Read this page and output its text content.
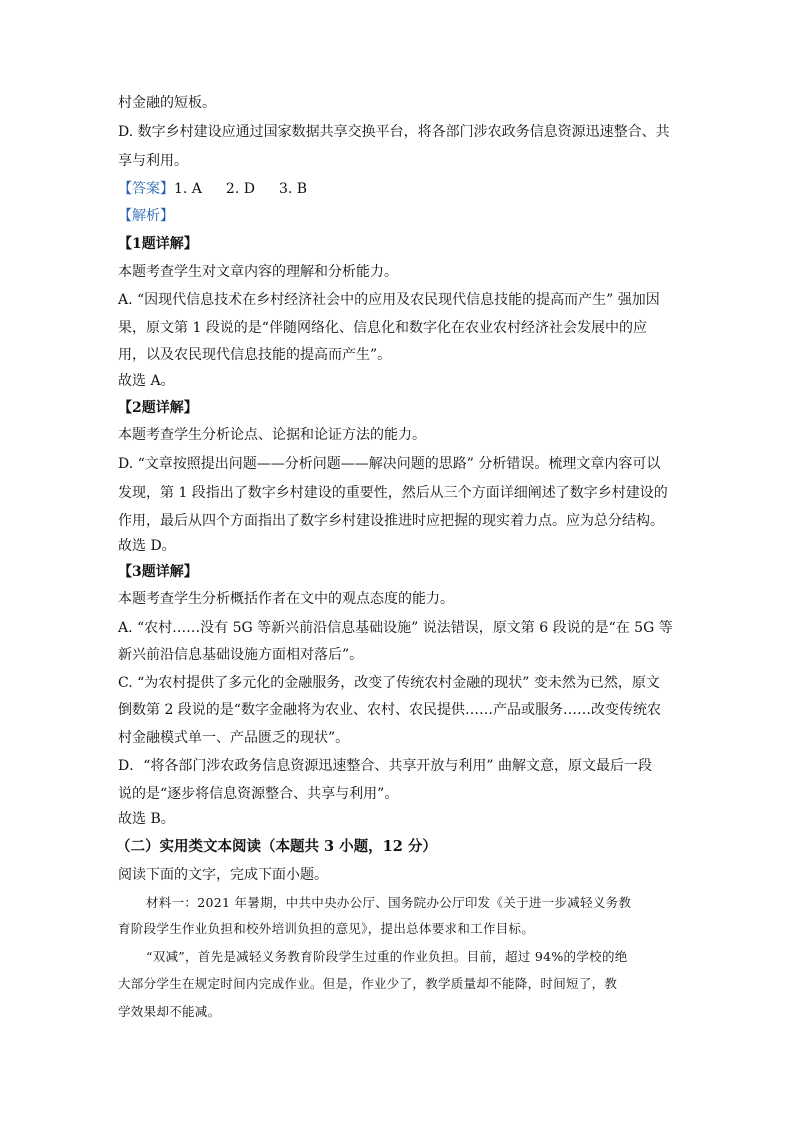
村金融的短板。
D. 数字乡村建设应通过国家数据共享交换平台，将各部门涉农政务信息资源迅速整合、共
享与利用。
【答案】1. A 2. D 3. B
【解析】
【1题详解】
本题考查学生对文章内容的理解和分析能力。
A. “因现代信息技术在乡村经济社会中的应用及农民现代信息技能的提高而产生” 强加因
果，原文第 1 段说的是“伴随网络化、信息化和数字化在农业农村经济社会发展中的应
用，以及农民现代信息技能的提高而产生”。
故选 A。
【2题详解】
本题考查学生分析论点、论据和论证方法的能力。
D. “文章按照提出问题——分析问题——解决问题的思路” 分析错误。梳理文章内容可以
发现，第 1 段指出了数字乡村建设的重要性，然后从三个方面详细阐述了数字乡村建设的
作用，最后从四个方面指出了数字乡村建设推进时应把握的现实着力点。应为总分结构。
故选 D。
【3题详解】
本题考查学生分析概括作者在文中的观点态度的能力。
A. “农村……没有 5G 等新兴前沿信息基础设施” 说法错误，原文第 6 段说的是“在 5G 等
新兴前沿信息基础设施方面相对落后”。
C. “为农村提供了多元化的金融服务，改变了传统农村金融的现状” 变未然为已然，原文
倒数第 2 段说的是“数字金融将为农业、农村、农民提供……产品或服务……改变传统农
村金融模式单一、产品匮乏的现状”。
D．“将各部门涉农政务信息资源迅速整合、共享开放与利用” 曲解文意，原文最后一段
说的是“逐步将信息资源整合、共享与利用”。
故选 B。
（二）实用类文本阅读（本题共 3 小题，12 分）
阅读下面的文字，完成下面小题。
材料一：2021 年暑期，中共中央办公厅、国务院办公厅印发《关于进一步减轻义务教
育阶段学生作业负担和校外培训负担的意见》，提出总体要求和工作目标。
“双减”，首先是减轻义务教育阶段学生过重的作业负担。目前，超过 94%的学校的绝
大部分学生在规定时间内完成作业。但是，作业少了，教学质量却不能降，时间短了，教
学效果却不能减。
